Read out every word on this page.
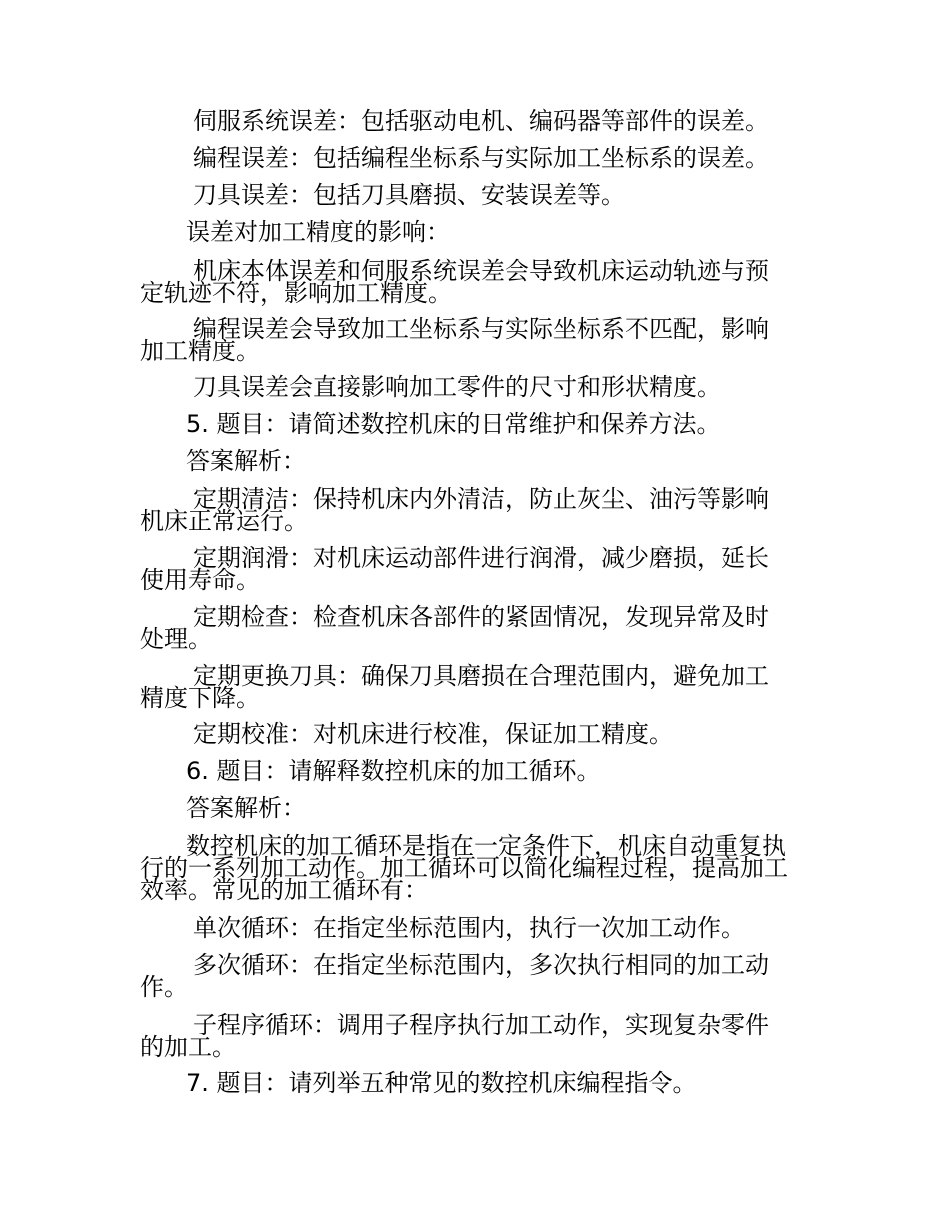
伺服系统误差：包括驱动电机、编码器等部件的误差。
编程误差：包括编程坐标系与实际加工坐标系的误差。
刀具误差：包括刀具磨损、安装误差等。
误差对加工精度的影响：
机床本体误差和伺服系统误差会导致机床运动轨迹与预
定轨迹不符，影响加工精度。
编程误差会导致加工坐标系与实际坐标系不匹配，影响
加工精度。
刀具误差会直接影响加工零件的尺寸和形状精度。
5. 题目：请简述数控机床的日常维护和保养方法。
答案解析：
定期清洁：保持机床内外清洁，防止灰尘、油污等影响
机床正常运行。
定期润滑：对机床运动部件进行润滑，减少磨损，延长
使用寿命。
定期检查：检查机床各部件的紧固情况，发现异常及时
处理。
定期更换刀具：确保刀具磨损在合理范围内，避免加工
精度下降。
定期校准：对机床进行校准，保证加工精度。
6. 题目：请解释数控机床的加工循环。
答案解析：
数控机床的加工循环是指在一定条件下，机床自动重复执
行的一系列加工动作。加工循环可以简化编程过程，提高加工
效率。常见的加工循环有：
单次循环：在指定坐标范围内，执行一次加工动作。
多次循环：在指定坐标范围内，多次执行相同的加工动
作。
子程序循环：调用子程序执行加工动作，实现复杂零件
的加工。
7. 题目：请列举五种常见的数控机床编程指令。
